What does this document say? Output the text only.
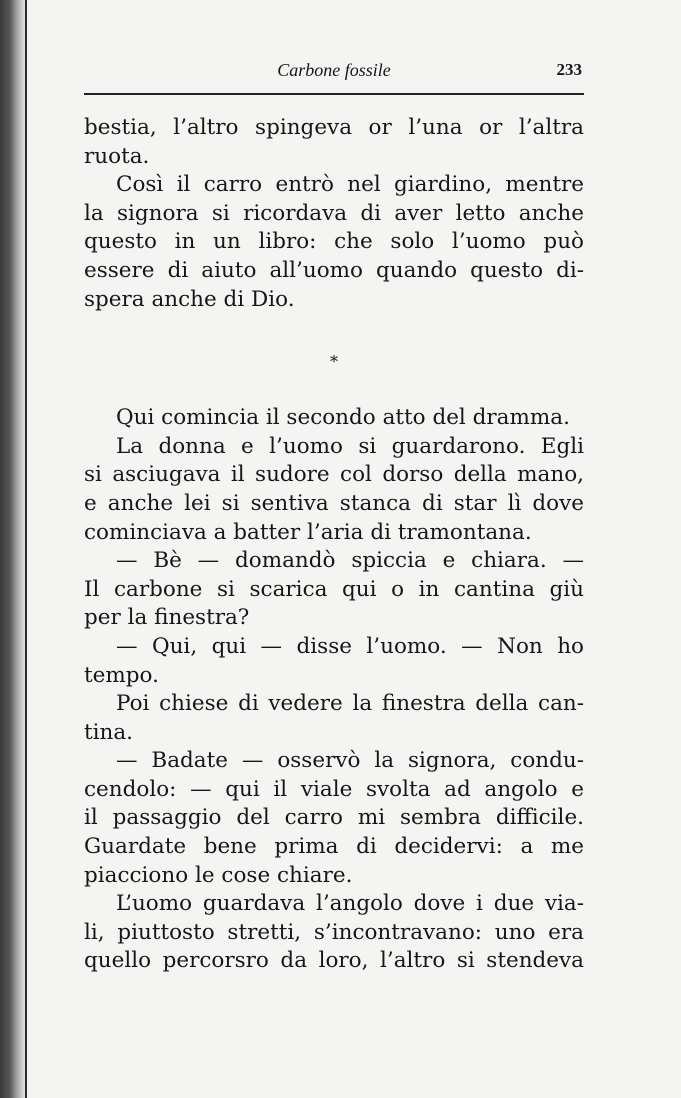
Carbone fossile	233
bestia, l’altro spingeva or l’una or l’altra
ruota.
Così il carro entrò nel giardino, mentre
la signora si ricordava di aver letto anche
questo in un libro: che solo l’uomo può
essere di aiuto all’uomo quando questo di-
spera anche di Dio.
*
Qui comincia il secondo atto del dramma.
La donna e l’uomo si guardarono. Egli
si asciugava il sudore col dorso della mano,
e anche lei si sentiva stanca di star lì dove
cominciava a batter l’aria di tramontana.
— Bè — domandò spiccia e chiara. —
Il carbone si scarica qui o in cantina giù
per la finestra?
— Qui, qui — disse l’uomo. — Non ho
tempo.
Poi chiese di vedere la finestra della can-
tina.
— Badate — osservò la signora, condu-
cendolo: — qui il viale svolta ad angolo e
il passaggio del carro mi sembra difficile.
Guardate bene prima di decidervi: a me
piacciono le cose chiare.
L’uomo guardava l’angolo dove i due via-
li, piuttosto stretti, s’incontravano: uno era
quello percorsro da loro, l’altro si stendeva
